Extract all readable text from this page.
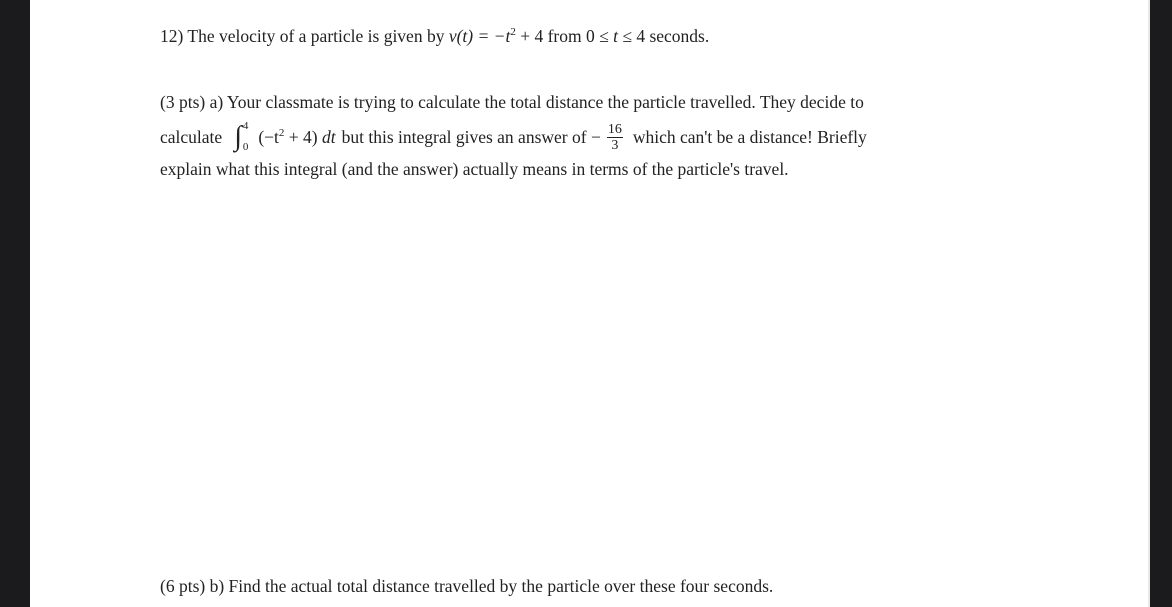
12) The velocity of a particle is given by $v(t) = -t^2 + 4$ from 0 ≤ t ≤ 4 seconds.
(3 pts) a) Your classmate is trying to calculate the total distance the particle travelled. They decide to
calculate ∫ 4
0 $(-t^2 + 4)$ dt but this integral gives an answer of − $\frac{16}{3}$ which can't be a distance! Briefly
explain what this integral (and the answer) actually means in terms of the particle's travel.
(6 pts) b) Find the actual total distance travelled by the particle over these four seconds.
